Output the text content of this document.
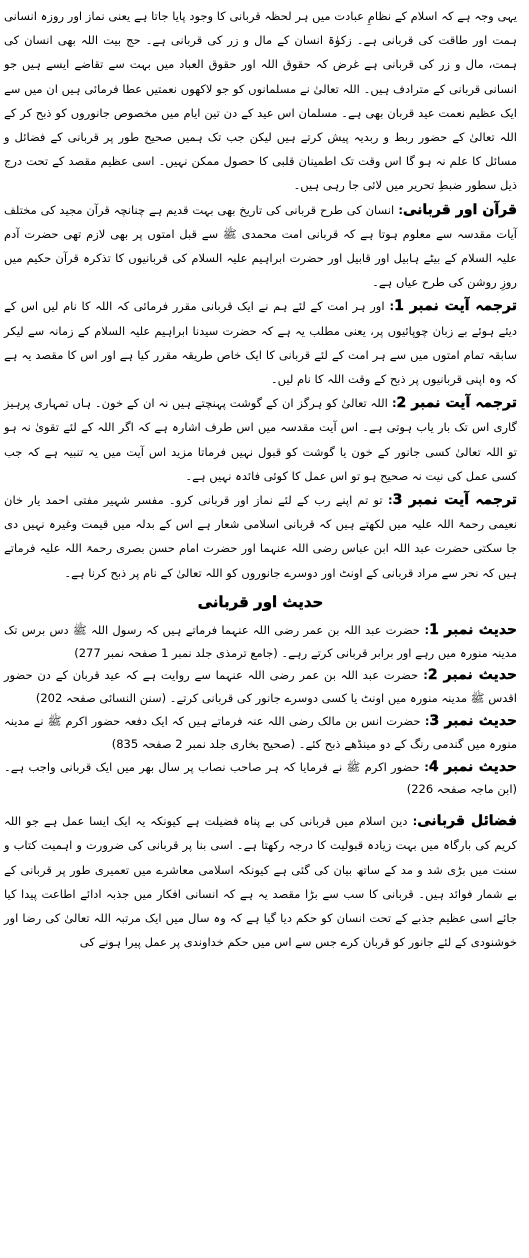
یہی وجہ ہے کہ اسلام کے نظامِ عبادت میں ہر لحظہ قربانی کا وجود پایا جاتا ہے یعنی نماز اور روزہ انسانی ہمت اور طاقت کی قربانی ہے۔ زکوٰۃ انسان کے مال و زر کی قربانی ہے۔ حج بیت اللہ بھی انسان کی ہمت، مال و زر کی قربانی ہے غرض کہ حقوق اللہ اور حقوق العباد میں بہت سے تقاضے ایسے ہیں جو انسانی قربانی کے مترادف ہیں۔ اللہ تعالیٰ نے مسلمانوں کو جو لاکھوں نعمتیں عطا فرمائی ہیں ان میں سے ایک عظیم نعمت عید قربان بھی ہے۔ مسلمان اس عید کے دن تین ایام میں مخصوص جانوروں کو ذبح کر کے اللہ تعالیٰ کے حضور ربط و ربدیہ پیش کرتے ہیں لیکن جب تک ہمیں صحیح طور پر قربانی کے فضائل و مسائل کا علم نہ ہو گا اس وقت تک اطمینان قلبی کا حصول ممکن نہیں۔ اسی عظیم مقصد کے تحت درج ذیل سطور ضبطِ تحریر میں لائی جا رہی ہیں۔

قرآن اور قربانی: انسان کی طرح قربانی کی تاریخ بھی بہت قدیم ہے چنانچہ قرآن مجید کی مختلف آیات مقدسہ سے معلوم ہوتا ہے کہ قربانی امت محمدی ﷺ سے قبل امتوں پر بھی لازم تھی حضرت آدم علیہ السلام کے بیٹے ہابیل اور قابیل اور حضرت ابراہیم علیہ السلام کی قربانیوں کا تذکرہ قرآن حکیم میں روزِ روشن کی طرح عیاں ہے۔

ترجمہ آیت نمبر 1: اور ہر امت کے لئے ہم نے ایک قربانی مقرر فرمائی کہ اللہ کا نام لیں اس کے دیئے ہوئے بے زبان چوپائیوں پر، یعنی مطلب یہ ہے کہ حضرت سیدنا ابراہیم علیہ السلام کے زمانہ سے لیکر سابقہ تمام امتوں میں سے ہر امت کے لئے قربانی کا ایک خاص طریقہ مقرر کیا ہے اور اس کا مقصد یہ ہے کہ وہ اپنی قربانیوں پر ذبح کے وقت اللہ کا نام لیں۔

ترجمہ آیت نمبر 2: اللہ تعالیٰ کو ہرگز ان کے گوشت پہنچتے ہیں نہ ان کے خون۔ ہاں تمہاری پرہیز گاری اس تک بار یاب ہوتی ہے۔ اس آیت مقدسہ میں اس طرف اشارہ ہے کہ اگر اللہ کے لئے تقویٰ نہ ہو تو اللہ تعالیٰ کسی جانور کے خون یا گوشت کو قبول نہیں فرماتا مزید اس آیت میں یہ تنبیہ ہے کہ جب کسی عمل کی نیت نہ صحیح ہو تو اس عمل کا کوئی فائدہ نہیں ہے۔

ترجمہ آیت نمبر 3: تو تم اپنے رب کے لئے نماز اور قربانی کرو۔ مفسر شہیر مفتی احمد یار خان نعیمی رحمۃ اللہ علیہ میں لکھتے ہیں کہ قربانی اسلامی شعار ہے اس کے بدلہ میں قیمت وغیرہ نہیں دی جا سکتی حضرت عبد اللہ ابن عباس رضی اللہ عنہما اور حضرت امام حسن بصری رحمۃ اللہ علیہ فرماتے ہیں کہ نحر سے مراد قربانی کے اونٹ اور دوسرے جانوروں کو اللہ تعالیٰ کے نام پر ذبح کرنا ہے۔

حدیث اور قربانی

حدیث نمبر 1: حضرت عبد اللہ بن عمر رضی اللہ عنہما فرماتے ہیں کہ رسول اللہ ﷺ دس برس تک مدینہ منورہ میں رہے اور برابر قربانی کرتے رہے۔ (جامع ترمذی جلد نمبر 1 صفحہ نمبر 277)

حدیث نمبر 2: حضرت عبد اللہ بن عمر رضی اللہ عنہما سے روایت ہے کہ عید قربان کے دن حضور اقدس ﷺ مدینہ منورہ میں اونٹ یا کسی دوسرے جانور کی قربانی کرتے۔ (سنن النسائی صفحہ 202)

حدیث نمبر 3: حضرت انس بن مالک رضی اللہ عنہ فرماتے ہیں کہ ایک دفعہ حضور اکرم ﷺ نے مدینہ منورہ میں گندمی رنگ کے دو مینڈھے ذبح کئے۔ (صحیح بخاری جلد نمبر 2 صفحہ 835)

حدیث نمبر 4: حضور اکرم ﷺ نے فرمایا کہ ہر صاحب نصاب پر سال بھر میں ایک قربانی واجب ہے۔ (ابن ماجہ صفحہ 226)

فضائل قربانی: دین اسلام میں قربانی کی بے پناہ فضیلت ہے کیونکہ یہ ایک ایسا عمل ہے جو اللہ کریم کی بارگاہ میں بہت زیادہ قبولیت کا درجہ رکھتا ہے۔ اسی بنا پر قربانی کی ضرورت و اہمیت کتاب و سنت میں بڑی شد و مد کے ساتھ بیان کی گئی ہے کیونکہ اسلامی معاشرے میں تعمیری طور پر قربانی کے بے شمار فوائد ہیں۔ قربانی کا سب سے بڑا مقصد یہ ہے کہ انسانی افکار میں جذبہ ادائے اطاعت پیدا کیا جائے اسی عظیم جذبے کے تحت انسان کو حکم دیا گیا ہے کہ وہ سال میں ایک مرتبہ اللہ تعالیٰ کی رضا اور خوشنودی کے لئے جانور کو قربان کرے جس سے اس میں حکم خداوندی پر عمل پیرا ہونے کی
